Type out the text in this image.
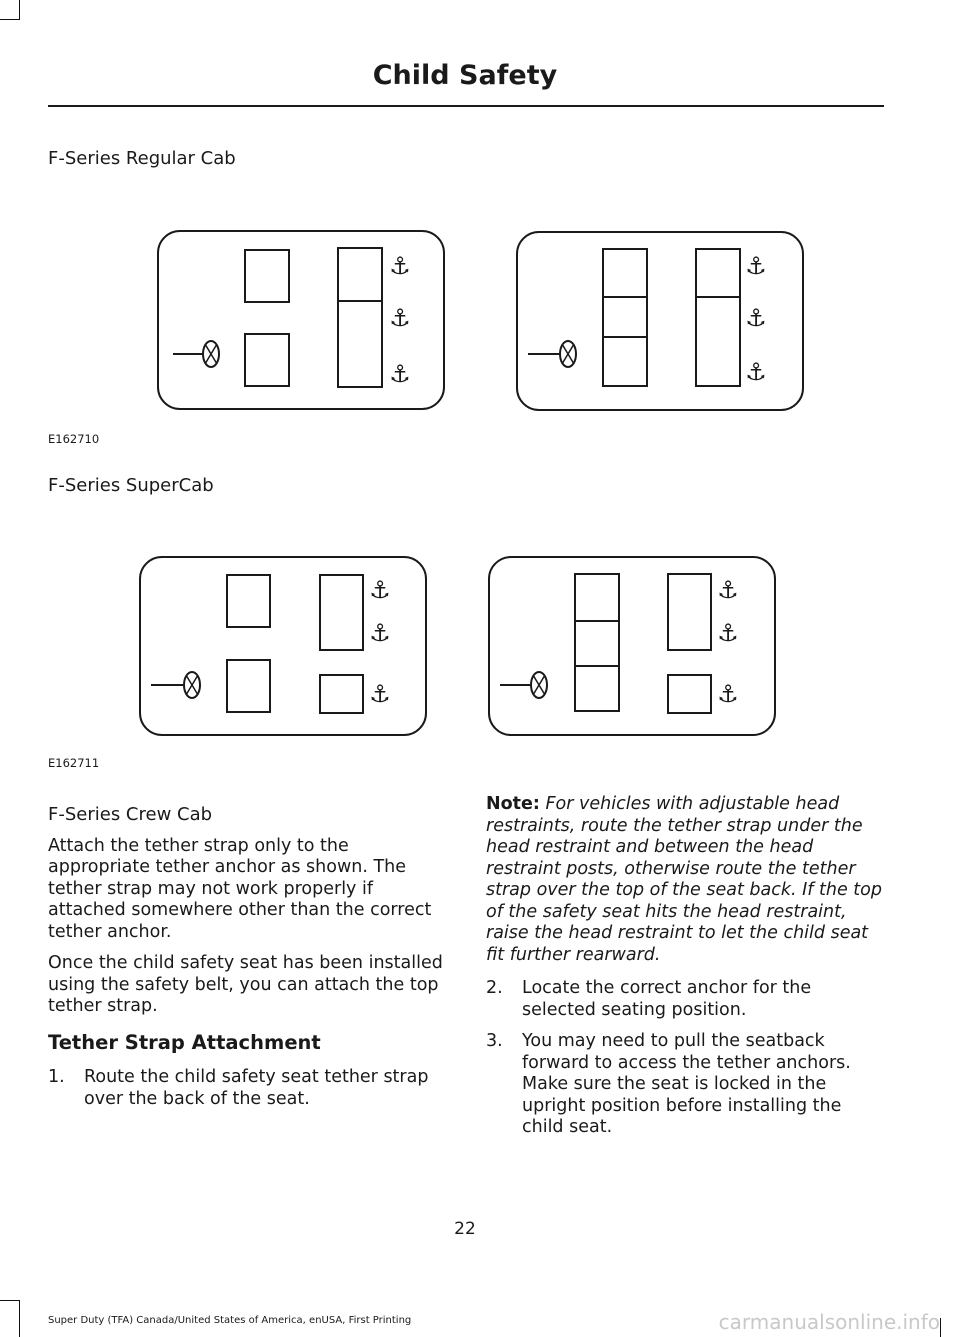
Child Safety
F-Series Regular Cab
⚓
⚓
⚓
⚓
⚓
⚓
E162710
F-Series SuperCab
⚓
⚓
⚓
⚓
⚓
⚓
E162711
F-Series Crew Cab
Attach the tether strap only to the appropriate tether anchor as shown. The tether strap may not work properly if attached somewhere other than the correct tether anchor.
Once the child safety seat has been installed using the safety belt, you can attach the top tether strap.
Tether Strap Attachment
1. Route the child safety seat tether strap over the back of the seat.
Note: For vehicles with adjustable head restraints, route the tether strap under the head restraint and between the head restraint posts, otherwise route the tether strap over the top of the seat back. If the top of the safety seat hits the head restraint, raise the head restraint to let the child seat fit further rearward.
2. Locate the correct anchor for the selected seating position.
3. You may need to pull the seatback forward to access the tether anchors. Make sure the seat is locked in the upright position before installing the child seat.
22
Super Duty (TFA) Canada/United States of America, enUSA, First Printing	carmanualsonline.info
